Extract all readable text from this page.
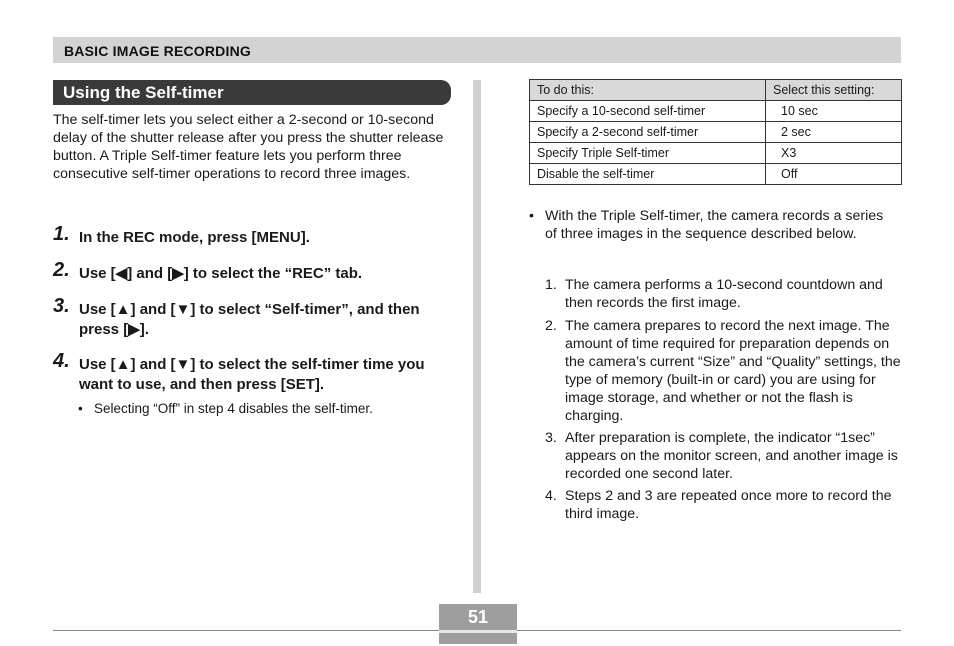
BASIC IMAGE RECORDING
Using the Self-timer

The self-timer lets you select either a 2-second or 10-second delay of the shutter release after you press the shutter release button. A Triple Self-timer feature lets you perform three consecutive self-timer operations to record three images.

1. In the REC mode, press [MENU].
2. Use [◀] and [▶] to select the “REC” tab.
3. Use [▲] and [▼] to select “Self-timer”, and then press [▶].
4. Use [▲] and [▼] to select the self-timer time you want to use, and then press [SET].
• Selecting “Off” in step 4 disables the self-timer.
To do this:	Select this setting:
Specify a 10-second self-timer	10 sec
Specify a 2-second self-timer	2 sec
Specify Triple Self-timer	X3
Disable the self-timer	Off
• With the Triple Self-timer, the camera records a series of three images in the sequence described below.
1. The camera performs a 10-second countdown and then records the first image.
2. The camera prepares to record the next image. The amount of time required for preparation depends on the camera’s current “Size” and “Quality” settings, the type of memory (built-in or card) you are using for image storage, and whether or not the flash is charging.
3. After preparation is complete, the indicator “1sec” appears on the monitor screen, and another image is recorded one second later.
4. Steps 2 and 3 are repeated once more to record the third image.
51
